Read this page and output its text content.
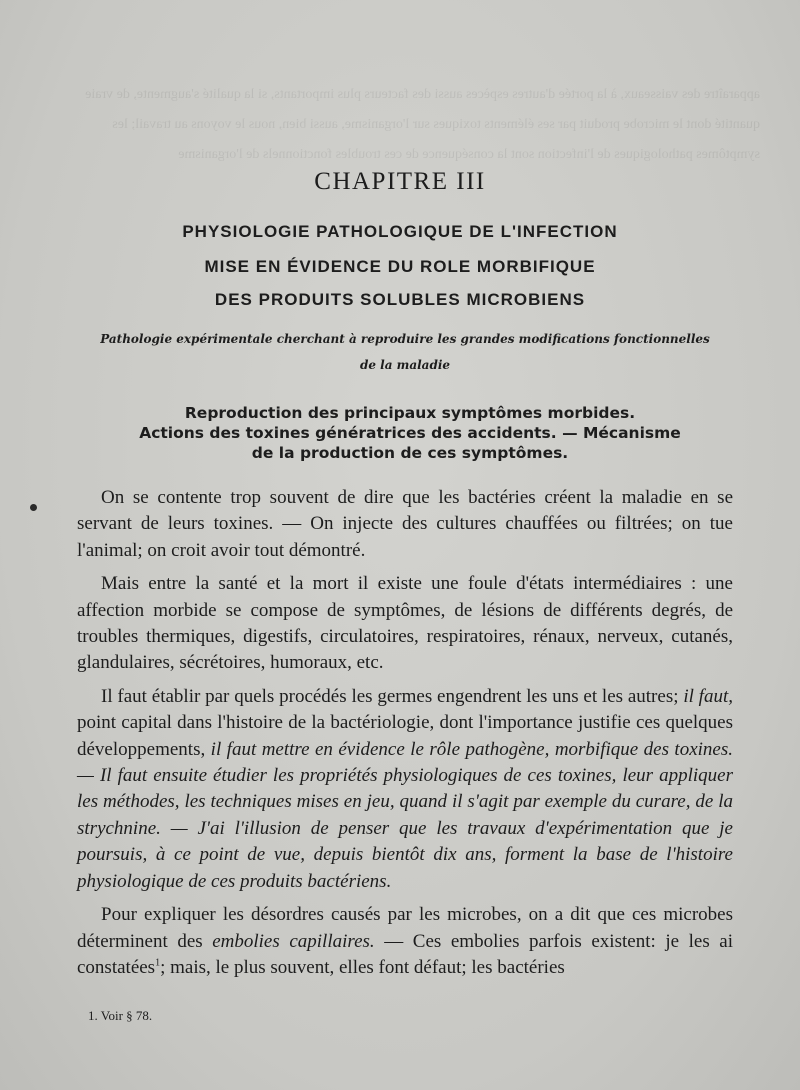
apparaître des vaisseaux, à la portée d'autres espèces aussi des facteurs plus importants, si la qualité s'augmente, de vraie quantité dont le microbe produit par ses éléments toxiques sur l'organisme, aussi bien, nous le voyons au travail; les symptômes pathologiques de l'infection sont la conséquence de ces troubles fonctionnels de l'organisme
CHAPITRE III
PHYSIOLOGIE PATHOLOGIQUE DE L'INFECTION
MISE EN ÉVIDENCE DU ROLE MORBIFIQUE
DES PRODUITS SOLUBLES MICROBIENS

Pathologie expérimentale cherchant à reproduire les grandes modifications fonctionnelles

de la maladie

Reproduction des principaux symptômes morbides.
Actions des toxines génératrices des accidents. — Mécanisme
de la production de ces symptômes.

On se contente trop souvent de dire que les bactéries créent la maladie en se servant de leurs toxines. — On injecte des cultures chauffées ou filtrées; on tue l'animal; on croit avoir tout démontré.

Mais entre la santé et la mort il existe une foule d'états intermédiaires : une affection morbide se compose de symptômes, de lésions de différents degrés, de troubles thermiques, digestifs, circulatoires, respiratoires, rénaux, nerveux, cutanés, glandulaires, sécrétoires, humoraux, etc.

Il faut établir par quels procédés les germes engendrent les uns et les autres; il faut, point capital dans l'histoire de la bactériologie, dont l'importance justifie ces quelques développements, il faut mettre en évidence le rôle pathogène, morbifique des toxines. — Il faut ensuite étudier les propriétés physiologiques de ces toxines, leur appliquer les méthodes, les techniques mises en jeu, quand il s'agit par exemple du curare, de la strychnine. — J'ai l'illusion de penser que les travaux d'expérimentation que je poursuis, à ce point de vue, depuis bientôt dix ans, forment la base de l'histoire physiologique de ces produits bactériens.

Pour expliquer les désordres causés par les microbes, on a dit que ces microbes déterminent des embolies capillaires. — Ces embolies parfois existent: je les ai constatées$^1$; mais, le plus souvent, elles font défaut; les bactéries

1. Voir § 78.
